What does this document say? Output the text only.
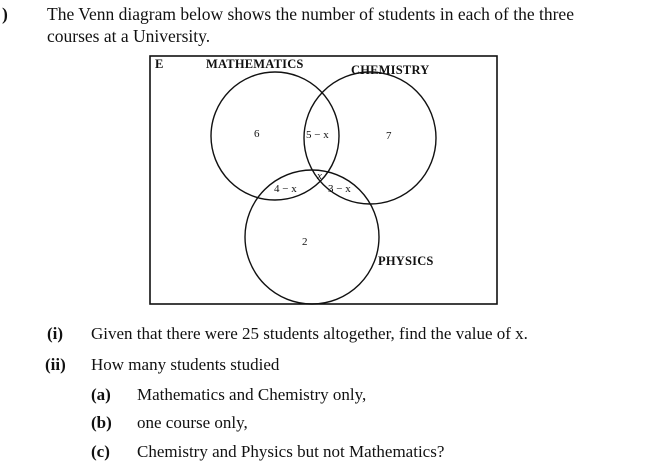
) The Venn diagram below shows the number of students in each of the three
courses at a University.
E	MATHEMATICS	CHEMISTRY
PHYSICS
6	5 − x	7
4 − x
x
3 − x
2
(i) Given that there were 25 students altogether, find the value of x.
(ii) How many students studied
(a) Mathematics and Chemistry only,
(b) one course only,
(c) Chemistry and Physics but not Mathematics?
